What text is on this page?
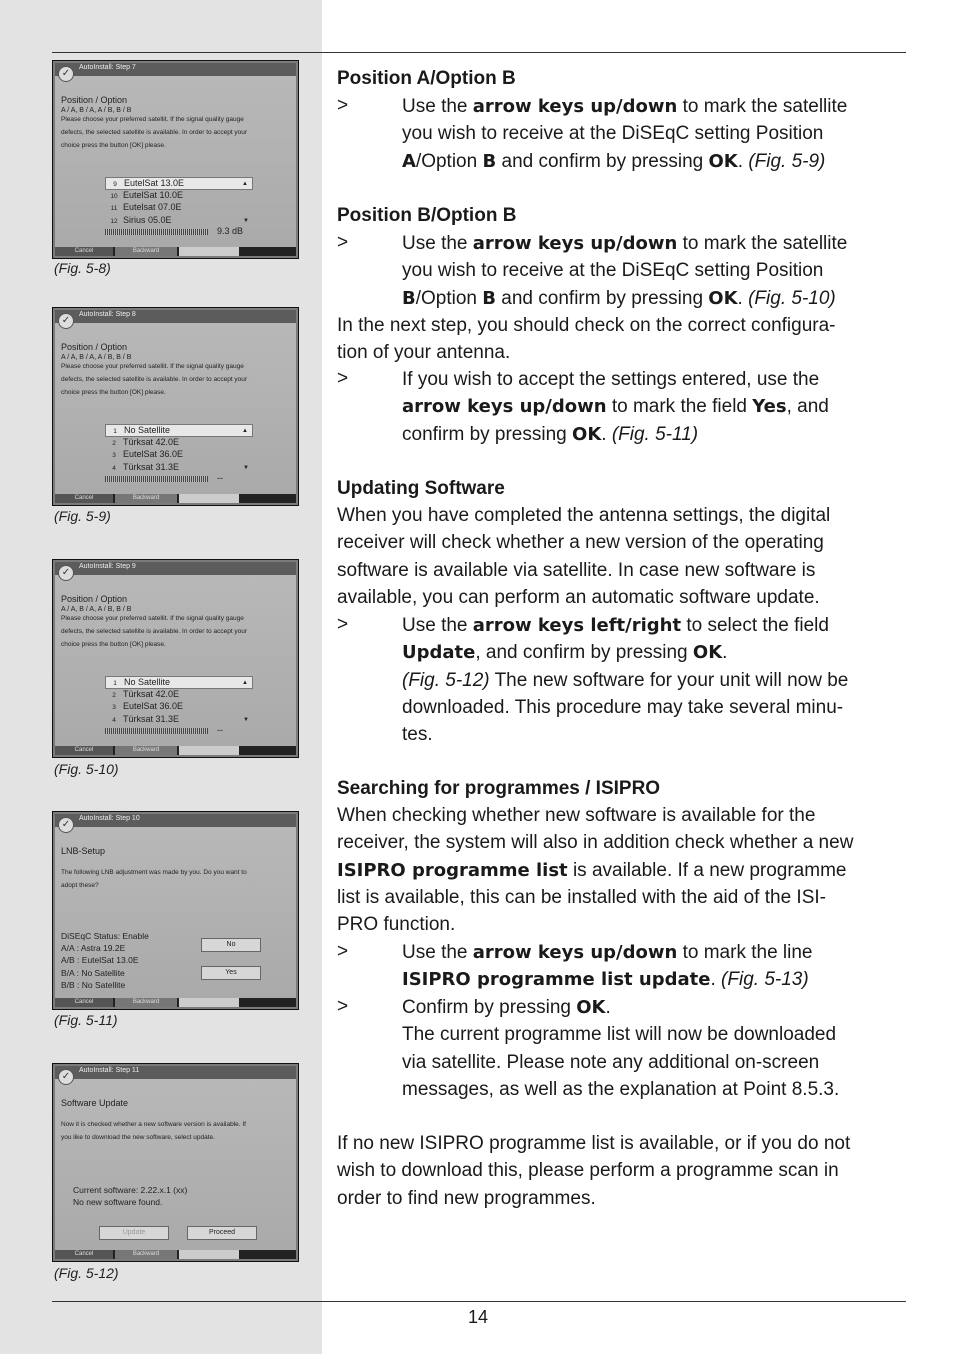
AutoInstall: Step 7
✓
Position / Option
A / A, B / A, A / B, B / B
Please choose your preferred satellit. If the signal quality gauge
defects, the selected satellite is available. In order to accept your
choice press the button [OK] please.
9 EutelSat 13.0E	▲
10 EutelSat 10.0E
11 Eutelsat 07.0E
12 Sirius 05.0E	▼
9.3 dB
Cancel	Backward
(Fig. 5-8)
AutoInstall: Step 8
✓
Position / Option
A / A, B / A, A / B, B / B
Please choose your preferred satellit. If the signal quality gauge
defects, the selected satellite is available. In order to accept your
choice press the button [OK] please.
1 No Satellite	▲
2 Türksat 42.0E
3 EutelSat 36.0E
4 Türksat 31.3E	▼
--
Cancel	Backward
(Fig. 5-9)
AutoInstall: Step 9
✓
Position / Option
A / A, B / A, A / B, B / B
Please choose your preferred satellit. If the signal quality gauge
defects, the selected satellite is available. In order to accept your
choice press the button [OK] please.
1 No Satellite	▲
2 Türksat 42.0E
3 EutelSat 36.0E
4 Türksat 31.3E	▼
--
Cancel	Backward
(Fig. 5-10)
AutoInstall: Step 10
✓
LNB-Setup
The following LNB adjustment was made by you. Do you want to
adopt these?
DiSEqC Status: Enable
A/A : Astra 19.2E
A/B : EutelSat 13.0E
B/A : No Satellite
B/B : No Satellite
No
Yes
Cancel	Backward
(Fig. 5-11)
AutoInstall: Step 11
✓
Software Update
Now it is checked whether a new software version is available. If
you like to download the new software, select update.
Current software: 2.22.x.1 (xx)
No new software found.
Update	Proceed
Cancel	Backward
(Fig. 5-12)
Position A/Option B
>	Use the arrow keys up/down to mark the satellite
you wish to receive at the DiSEqC setting Position
A/Option B and confirm by pressing OK. (Fig. 5-9)
Position B/Option B
>	Use the arrow keys up/down to mark the satellite
you wish to receive at the DiSEqC setting Position
B/Option B and confirm by pressing OK. (Fig. 5-10)
In the next step, you should check on the correct configura-
tion of your antenna.
>	If you wish to accept the settings entered, use the
arrow keys up/down to mark the field Yes, and
confirm by pressing OK. (Fig. 5-11)
Updating Software
When you have completed the antenna settings, the digital
receiver will check whether a new version of the operating
software is available via satellite. In case new software is
available, you can perform an automatic software update.
>	Use the arrow keys left/right to select the field
Update, and confirm by pressing OK.
(Fig. 5-12) The new software for your unit will now be
downloaded. This procedure may take several minu-
tes.
Searching for programmes / ISIPRO
When checking whether new software is available for the
receiver, the system will also in addition check whether a new
ISIPRO programme list is available. If a new programme
list is available, this can be installed with the aid of the ISI-
PRO function.
>	Use the arrow keys up/down to mark the line
ISIPRO programme list update. (Fig. 5-13)
>	Confirm by pressing OK.
The current programme list will now be downloaded
via satellite. Please note any additional on-screen
messages, as well as the explanation at Point 8.5.3.
If no new ISIPRO programme list is available, or if you do not
wish to download this, please perform a programme scan in
order to find new programmes.
14
